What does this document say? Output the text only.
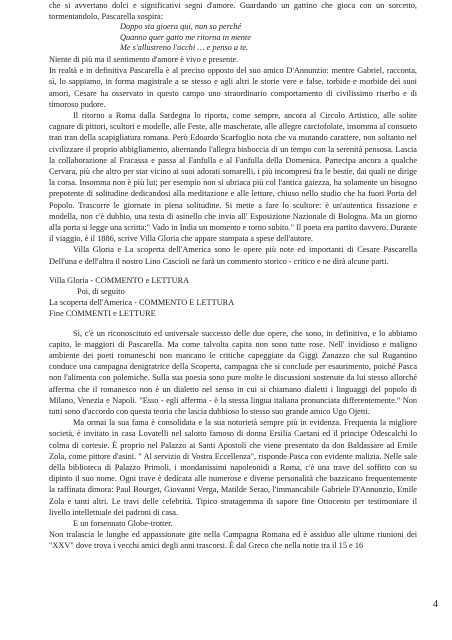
che si avvertano dolci e significativi segni d'amore. Guardando un gattino che gioca con un sorcetto, tormentandolo, Pascarella sospira:

Doppo sta gioera qui, nun so perché
Quanno quer gatto me ritorna in mente
Me s'allustreno l'occhi … e penso a te.

Niente di più ma il sentimento d'amore è vivo e presente.

In realtà e in definitiva Pascarella è al preciso opposto del suo amico D'Annunzio: mentre Gabriel, racconta, sì, lo sappiamo, in forma magistrale a se stesso e agli altri le storie vere e false, torbide e morbide dei suoi amori, Cesare ha osservato in questo campo uno straordinario comportamento di civilissimo riserbo e di timoroso pudore.

Il ritorno a Roma dalla Sardegna lo riporta, come sempre, ancora al Circolo Artistico, alle solite cagnare di pittori, scultori e modelle, alle Feste, alle mascherate, alle allegre carciofolate, insomma al consueto tran tran della scapigliatura romana. Però Edoardo Scarfoglio nota che va mutando carattere, non soltanto nel civilizzare il proprio abbigliamento, alternando l'allegra bisboccia di un tempo con la serenità pensosa. Lascia la collaborazione al Fracassa e passa al Fanfulla e al Fanfulla della Domenica. Partecipa ancora a qualche Cervara, più che altro per star vicino ai suoi adorati somarelli, i più incompresi fra le bestie, dai quali ne dirige la corsa. Insomma non è più lui; per esempio non si ubriaca più col l'antica gaiezza, ha solamente un bisogno prepotente di solitudine dedicandosi alla meditazione e alle letture, chiuso nello studio che ha fuori Porta del Popolo. Trascorre le giornate in piena solitudine. Si mette a fare lo scultore: è un'autentica fissazione e modella, non c'è dubbio, una testa di asinello che invia all' Esposizione Nazionale di Bologna. Ma un giorno alla porta si legge una scritta:" Vado in India un momento e torno subito." Il poeta era partito davvero. Durante il viaggio, è il 1886, scrive Villa Gloria che appare stampata a spese dell'autore.

Villa Gloria e La scoperta dell'America sono le opere più note ed importanti di Cesare Pascarella Dell'una e dell'altra il nostro Lino Cascioli ne farà un commento storico - critico e ne dirà alcune parti.

Villa Gloria - COMMENTO e LETTURA
Poi, di seguito
La scoperta dell'America - COMMENTO E LETTURA
Fine COMMENTI e LETTURE

Sì, c'è un riconoscituto ed universale successo delle due opere, che sono, in definitiva, e lo abbiamo capito, le maggiori di Pascarella. Ma come talvolta capita non sono tutte rose. Nell' invidioso e maligno ambiente dei poeti romaneschi non mancano le critiche capeggiate da Giggi Zanazzo che sul Rugantino conduce una campagna denigratrice della Scoperta, campagna che si conclude per esaurimento, poiché Pasca non l'alimenta con polemiche. Sulla sua poesia sono pure molte le discussioni sostenute da lui stesso allorché afferma che il romanesco non è un dialetto nel senso in cui si chiamano dialetti i linguaggi del popolo di Milano, Venezia e Napoli. "Esso - egli afferma - è la stessa lingua italiana pronunciata differentemente." Non tutti sono d'accordo con questa teoria che lascia dubbioso lo stesso suo grande amico Ugo Ojetti.

Ma ormai la sua fama è consolidata e la sua notorietà sempre più in evidenza. Frequenta la migliore società, è invitato in casa Lovatelli nel salotto famoso di donna Ersilia Caetani ed il principe Odescalchi lo colma di cortesie. È proprio nel Palazzo ai Santi Apostoli che viene presentato da don Baldassare ad Emile Zola, come pittore d'asini. " Al servizio di Vostra Eccellenza", risponde Pasca con evidente malizia. Nelle sale della biblioteca di Palazzo Primoli, i mondanissimi napoleonidi a Roma, c'è una trave del soffitto con su dipinto il suo nome. Ogni trave è dedicata alle numerose e diverse personalità che bazzicano frequentemente la raffinata dimora: Paul Bourget, Giovanni Verga, Matilde Serao, l'immancabile Gabriele D'Annunzio, Emile Zola e tanti altri. Le travi delle celebrità. Tipico stratagemma di sapore fine Ottocento per testimoniare il livello intellettuale dei padroni di casa.

E un forsennato Globe-trotter.

Non tralascia le lunghe ed appassionate gite nella Campagna Romana ed è assiduo alle ultime riunioni dei "XXV" dove trova i vecchi amici degli anni trascorsi. È dal Greco che nella notte tra il 15 e 16

4
